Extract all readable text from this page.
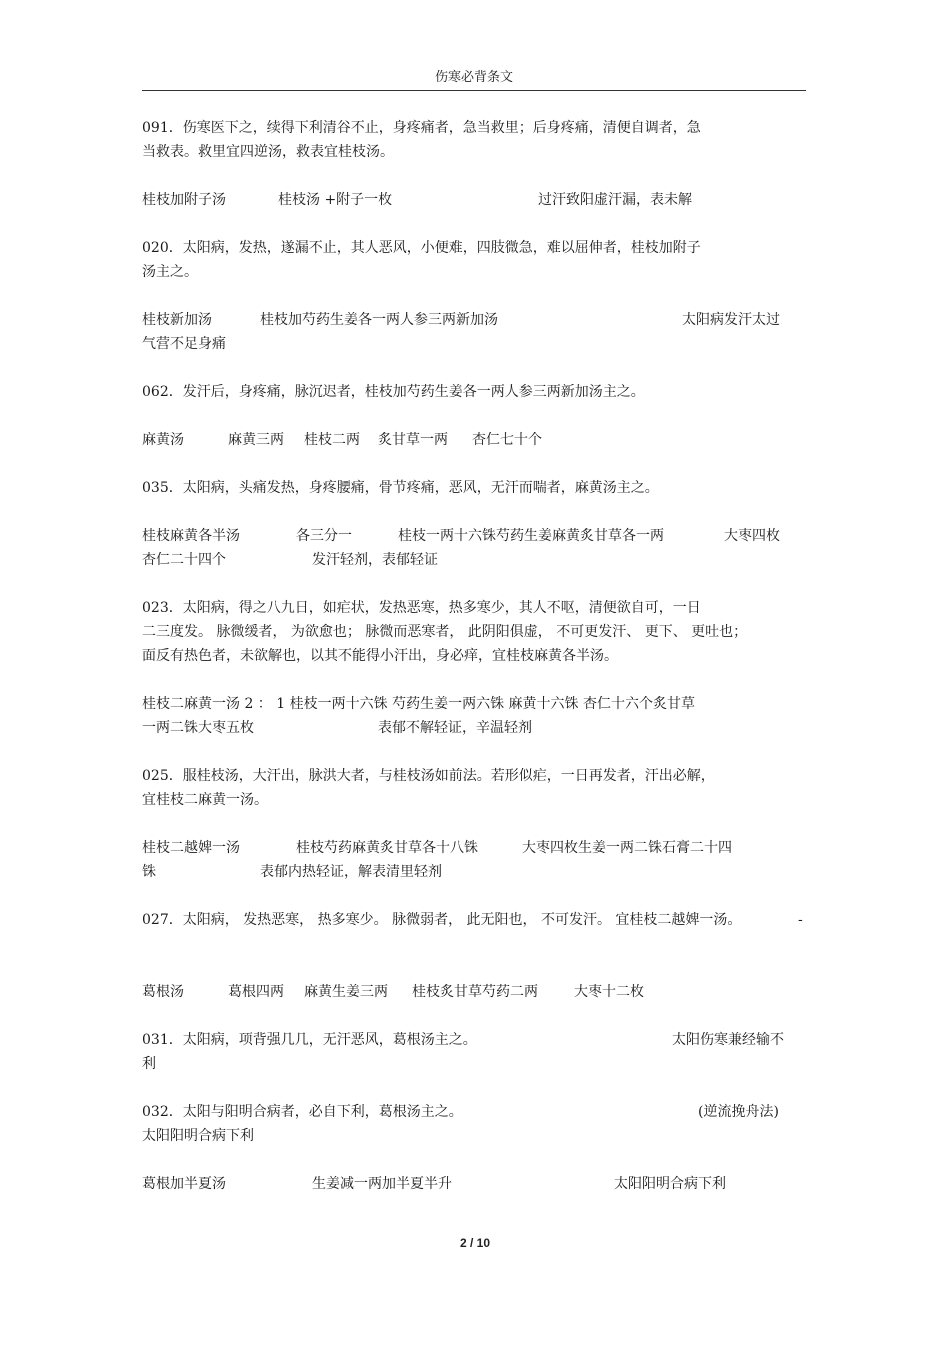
伤寒必背条文
091．伤寒医下之，续得下利清谷不止，身疼痛者，急当救里；后身疼痛，清便自调者，急
当救表。救里宜四逆汤，救表宜桂枝汤。
桂枝加附子汤	桂枝汤 +附子一枚	过汗致阳虚汗漏，表未解
020．太阳病，发热，遂漏不止，其人恶风，小便难，四肢微急，难以屈伸者，桂枝加附子
汤主之。
桂枝新加汤	桂枝加芍药生姜各一两人参三两新加汤	太阳病发汗太过
气营不足身痛
062．发汗后，身疼痛，脉沉迟者，桂枝加芍药生姜各一两人参三两新加汤主之。
麻黄汤	麻黄三两 桂枝二两 炙甘草一两 杏仁七十个
035．太阳病，头痛发热，身疼腰痛，骨节疼痛，恶风，无汗而喘者，麻黄汤主之。
桂枝麻黄各半汤	各三分一	桂枝一两十六铢芍药生姜麻黄炙甘草各一两	大枣四枚
杏仁二十四个	发汗轻剂，表郁轻证
023．太阳病，得之八九日，如疟状，发热恶寒，热多寒少，其人不呕，清便欲自可，一日
二三度发。 脉微缓者， 为欲愈也； 脉微而恶寒者， 此阴阳俱虚， 不可更发汗、 更下、 更吐也；
面反有热色者，未欲解也，以其不能得小汗出，身必痒，宜桂枝麻黄各半汤。
桂枝二麻黄一汤 2 ： 1 桂枝一两十六铢 芍药生姜一两六铢 麻黄十六铢 杏仁十六个炙甘草
一两二铢大枣五枚	表郁不解轻证，辛温轻剂
025．服桂枝汤，大汗出，脉洪大者，与桂枝汤如前法。若形似疟，一日再发者，汗出必解，
宜桂枝二麻黄一汤。
桂枝二越婢一汤	桂枝芍药麻黄炙甘草各十八铢	大枣四枚生姜一两二铢石膏二十四
铢	表郁内热轻证，解表清里轻剂
027．太阳病， 发热恶寒， 热多寒少。 脉微弱者， 此无阳也， 不可发汗。 宜桂枝二越婢一汤。	-
葛根汤	葛根四两 麻黄生姜三两 桂枝炙甘草芍药二两	大枣十二枚
031．太阳病，项背强几几，无汗恶风，葛根汤主之。	太阳伤寒兼经输不
利
032．太阳与阳明合病者，必自下利，葛根汤主之。	(逆流挽舟法)
太阳阳明合病下利
葛根加半夏汤	生姜减一两加半夏半升	太阳阳明合病下利
2 / 10
